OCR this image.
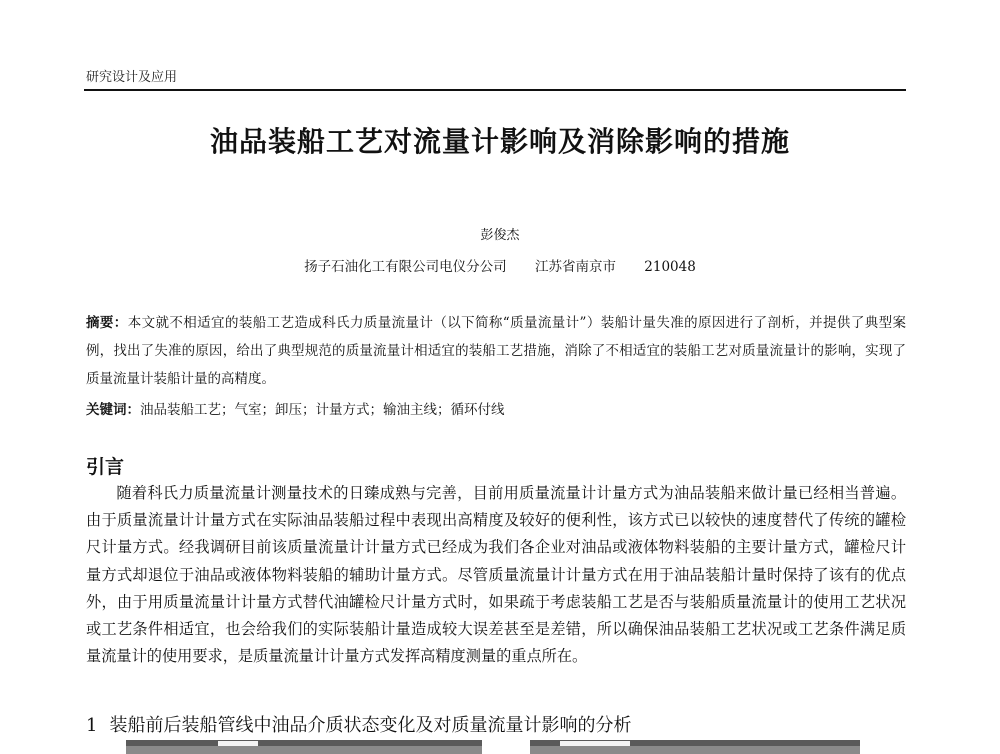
研究设计及应用
油品装船工艺对流量计影响及消除影响的措施
彭俊杰
扬子石油化工有限公司电仪分公司 江苏省南京市 210048
摘要：本文就不相适宜的装船工艺造成科氏力质量流量计（以下简称“质量流量计”）装船计量失准的原因进行了剖析，并提供了典型案例，找出了失准的原因，给出了典型规范的质量流量计相适宜的装船工艺措施，消除了不相适宜的装船工艺对质量流量计的影响，实现了质量流量计装船计量的高精度。
关键词：油品装船工艺；气室；卸压；计量方式；输油主线；循环付线
引言
随着科氏力质量流量计测量技术的日臻成熟与完善，目前用质量流量计计量方式为油品装船来做计量已经相当普遍。由于质量流量计计量方式在实际油品装船过程中表现出高精度及较好的便利性，该方式已以较快的速度替代了传统的罐检尺计量方式。经我调研目前该质量流量计计量方式已经成为我们各企业对油品或液体物料装船的主要计量方式，罐检尺计量方式却退位于油品或液体物料装船的辅助计量方式。尽管质量流量计计量方式在用于油品装船计量时保持了该有的优点外，由于用质量流量计计量方式替代油罐检尺计量方式时，如果疏于考虑装船工艺是否与装船质量流量计的使用工艺状况或工艺条件相适宜，也会给我们的实际装船计量造成较大误差甚至是差错，所以确保油品装船工艺状况或工艺条件满足质量流量计的使用要求，是质量流量计计量方式发挥高精度测量的重点所在。
1 装船前后装船管线中油品介质状态变化及对质量流量计影响的分析
